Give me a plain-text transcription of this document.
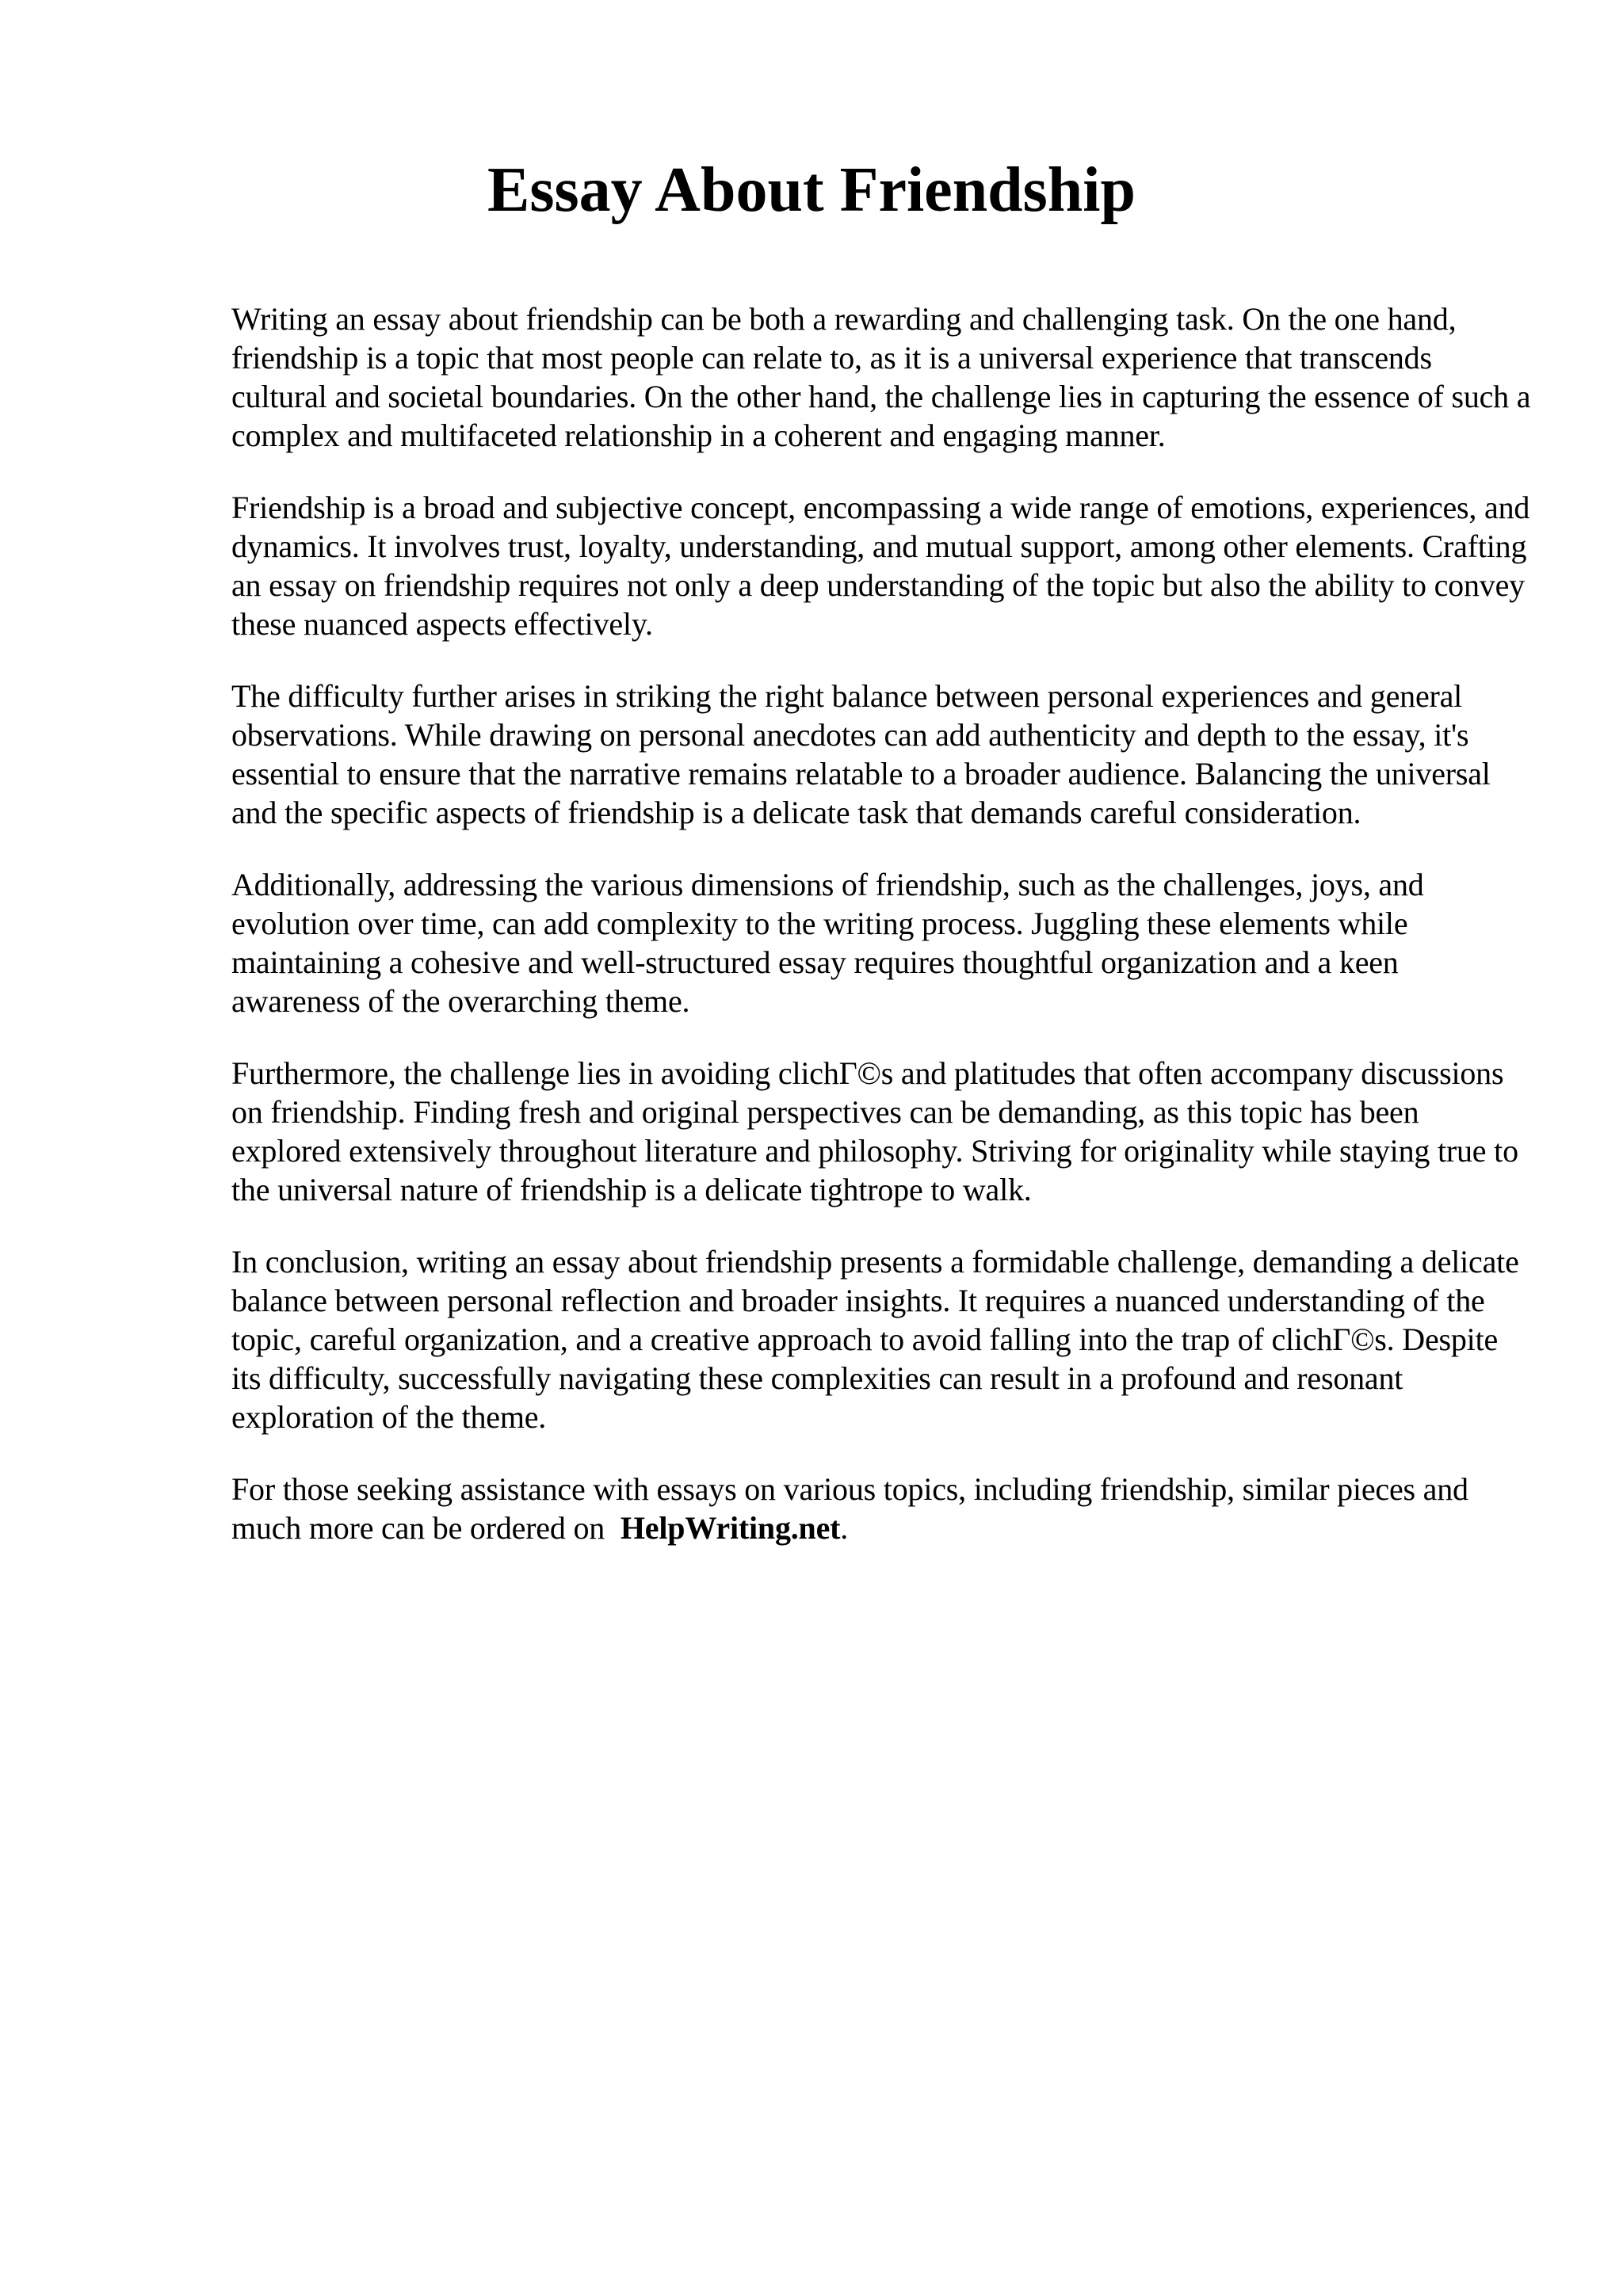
Essay About Friendship

Writing an essay about friendship can be both a rewarding and challenging task. On the one hand, friendship is a topic that most people can relate to, as it is a universal experience that transcends cultural and societal boundaries. On the other hand, the challenge lies in capturing the essence of such a complex and multifaceted relationship in a coherent and engaging manner.

Friendship is a broad and subjective concept, encompassing a wide range of emotions, experiences, and dynamics. It involves trust, loyalty, understanding, and mutual support, among other elements. Crafting an essay on friendship requires not only a deep understanding of the topic but also the ability to convey these nuanced aspects effectively.

The difficulty further arises in striking the right balance between personal experiences and general observations. While drawing on personal anecdotes can add authenticity and depth to the essay, it's essential to ensure that the narrative remains relatable to a broader audience. Balancing the universal and the specific aspects of friendship is a delicate task that demands careful consideration.

Additionally, addressing the various dimensions of friendship, such as the challenges, joys, and evolution over time, can add complexity to the writing process. Juggling these elements while maintaining a cohesive and well-structured essay requires thoughtful organization and a keen awareness of the overarching theme.

Furthermore, the challenge lies in avoiding clichΓ©s and platitudes that often accompany discussions on friendship. Finding fresh and original perspectives can be demanding, as this topic has been explored extensively throughout literature and philosophy. Striving for originality while staying true to the universal nature of friendship is a delicate tightrope to walk.

In conclusion, writing an essay about friendship presents a formidable challenge, demanding a delicate balance between personal reflection and broader insights. It requires a nuanced understanding of the topic, careful organization, and a creative approach to avoid falling into the trap of clichΓ©s. Despite its difficulty, successfully navigating these complexities can result in a profound and resonant exploration of the theme.

For those seeking assistance with essays on various topics, including friendship, similar pieces and much more can be ordered on HelpWriting.net.
